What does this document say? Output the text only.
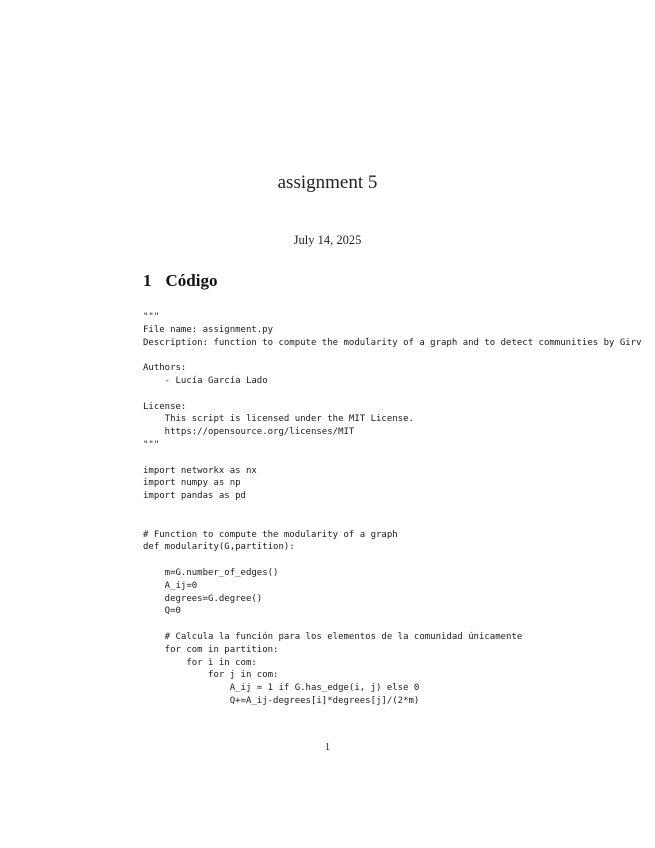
assignment 5
July 14, 2025
1 Código
"""
File name: assignment.py
Description: function to compute the modularity of a graph and to detect communities by Girv

Authors:
- Lucía García Lado

License:
This script is licensed under the MIT License.
https://opensource.org/licenses/MIT
"""

import networkx as nx
import numpy as np
import pandas as pd

# Function to compute the modularity of a graph
def modularity(G,partition):

m=G.number_of_edges()
A_ij=0
degrees=G.degree()
Q=0

# Calcula la función para los elementos de la comunidad únicamente
for com in partition:
for i in com:
for j in com:
A_ij = 1 if G.has_edge(i, j) else 0
Q+=A_ij-degrees[i]*degrees[j]/(2*m)
1
